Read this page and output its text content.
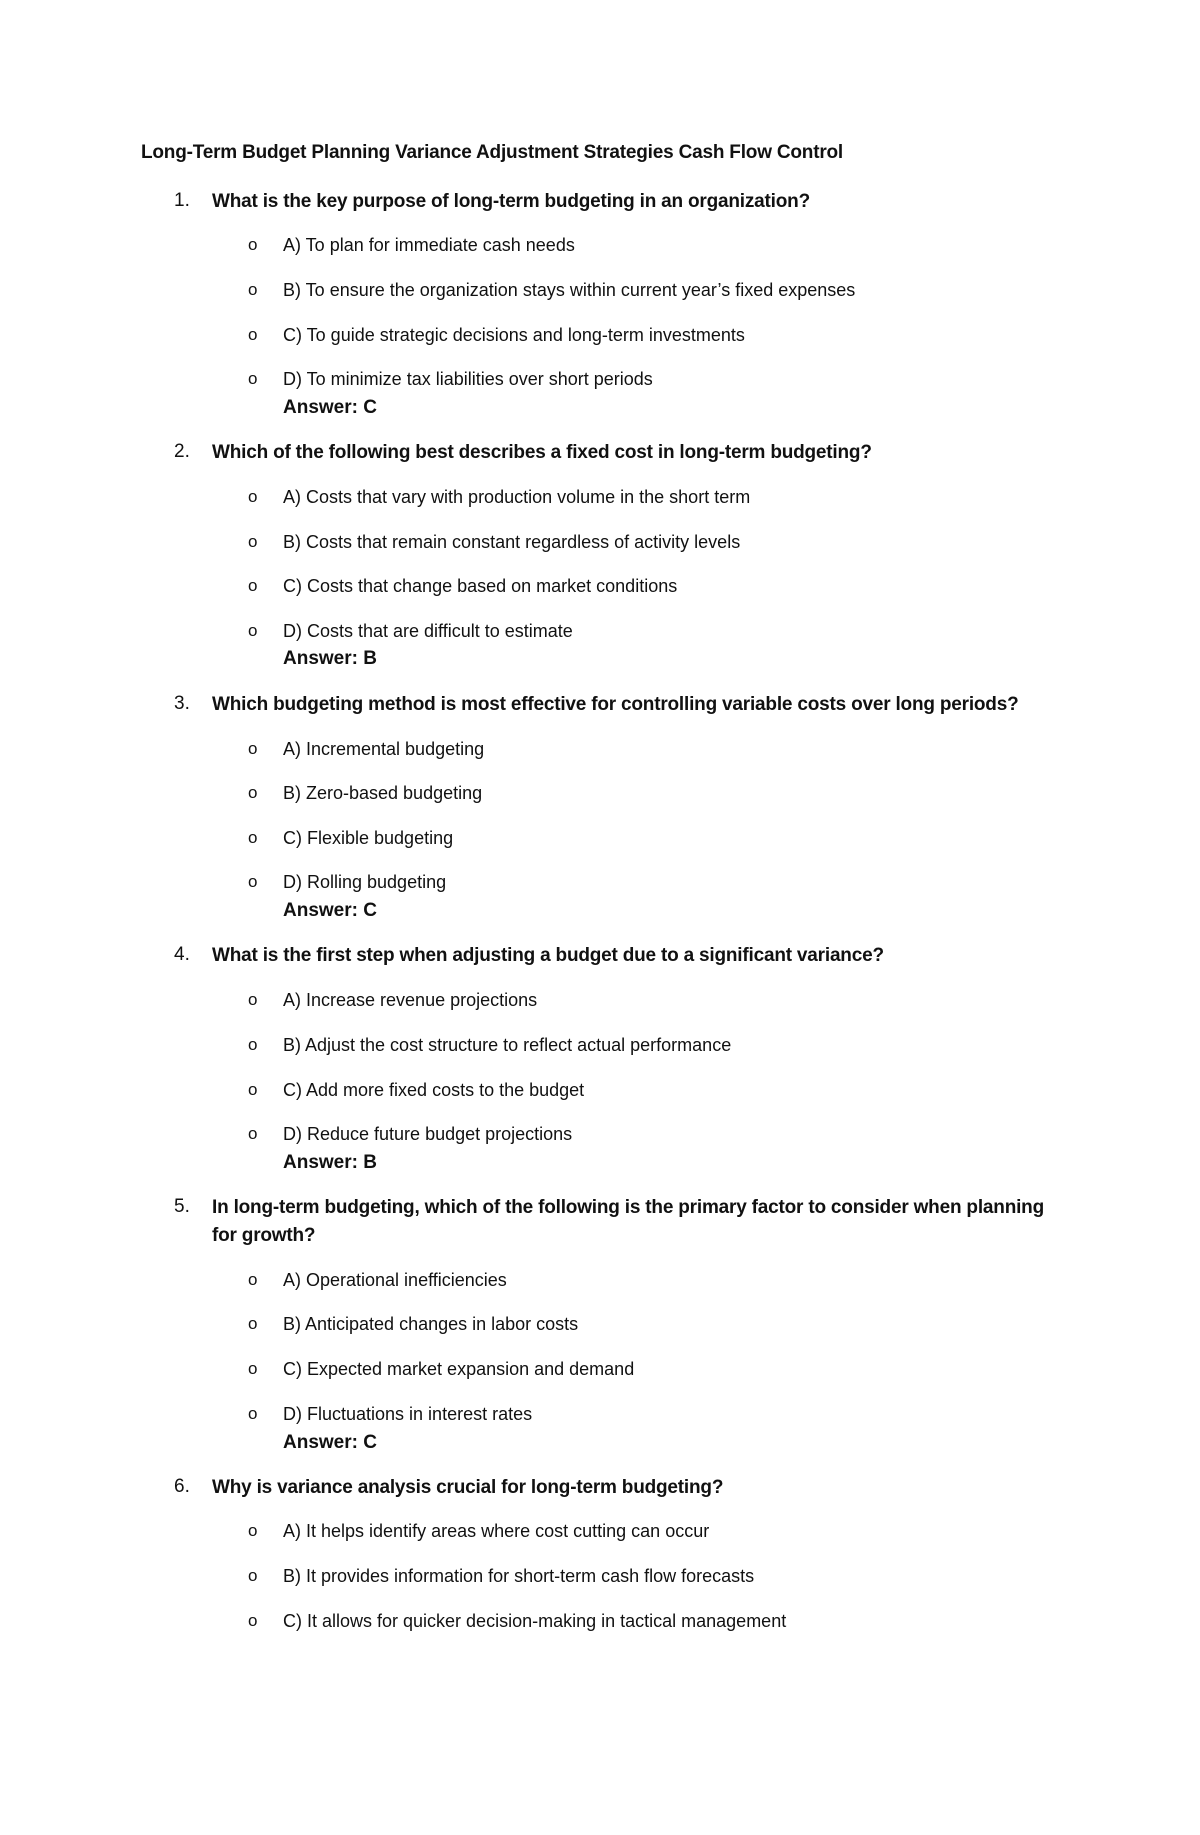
Long-Term Budget Planning Variance Adjustment Strategies Cash Flow Control
1. What is the key purpose of long-term budgeting in an organization?
o A) To plan for immediate cash needs
o B) To ensure the organization stays within current year’s fixed expenses
o C) To guide strategic decisions and long-term investments
o D) To minimize tax liabilities over short periods
Answer: C
2. Which of the following best describes a fixed cost in long-term budgeting?
o A) Costs that vary with production volume in the short term
o B) Costs that remain constant regardless of activity levels
o C) Costs that change based on market conditions
o D) Costs that are difficult to estimate
Answer: B
3. Which budgeting method is most effective for controlling variable costs over long periods?
o A) Incremental budgeting
o B) Zero-based budgeting
o C) Flexible budgeting
o D) Rolling budgeting
Answer: C
4. What is the first step when adjusting a budget due to a significant variance?
o A) Increase revenue projections
o B) Adjust the cost structure to reflect actual performance
o C) Add more fixed costs to the budget
o D) Reduce future budget projections
Answer: B
5. In long-term budgeting, which of the following is the primary factor to consider when planning for growth?
o A) Operational inefficiencies
o B) Anticipated changes in labor costs
o C) Expected market expansion and demand
o D) Fluctuations in interest rates
Answer: C
6. Why is variance analysis crucial for long-term budgeting?
o A) It helps identify areas where cost cutting can occur
o B) It provides information for short-term cash flow forecasts
o C) It allows for quicker decision-making in tactical management
